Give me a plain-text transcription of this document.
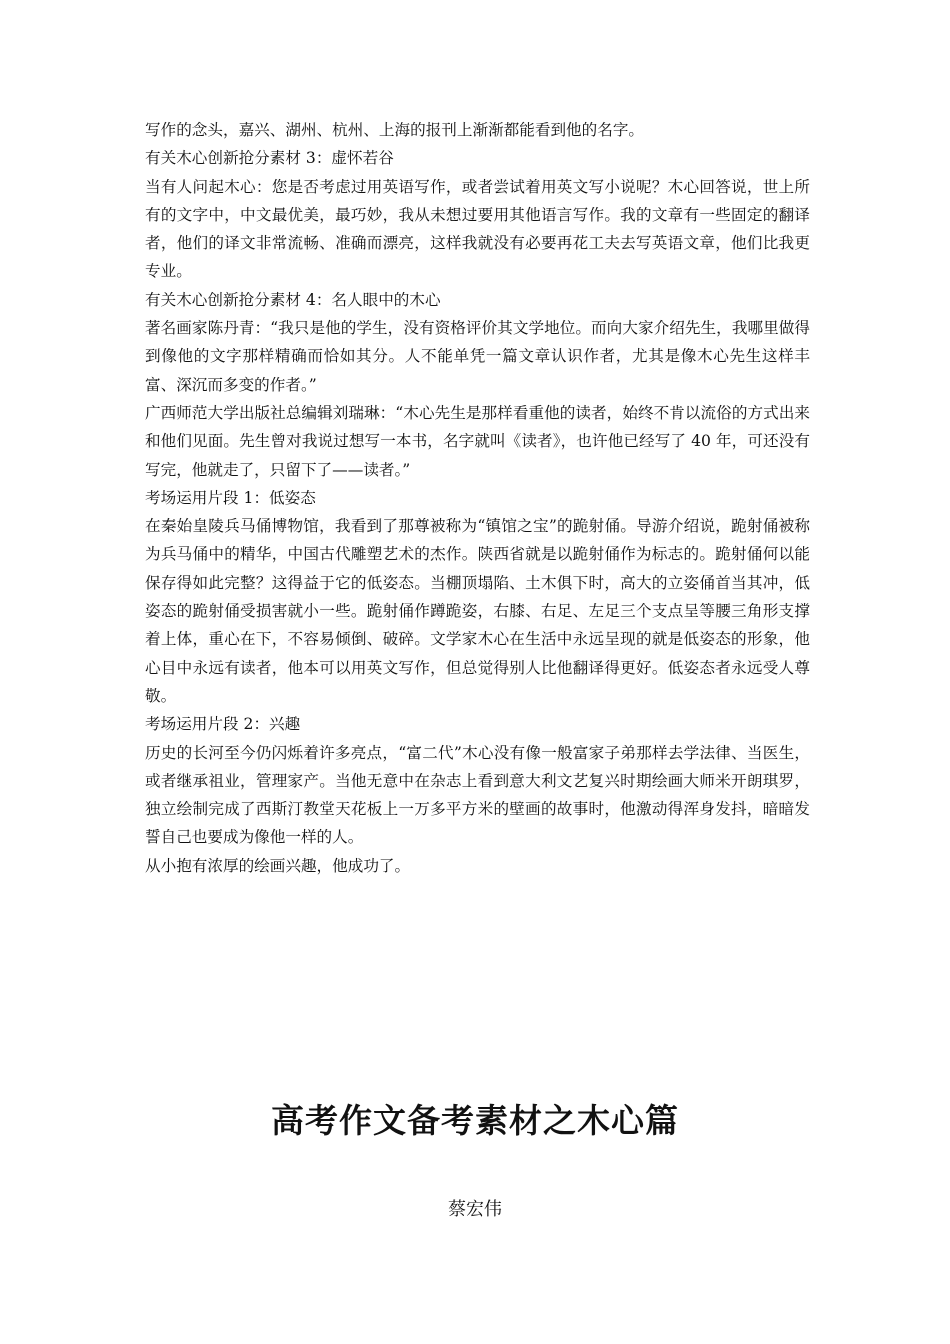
写作的念头，嘉兴、湖州、杭州、上海的报刊上渐渐都能看到他的名字。

有关木心创新抢分素材 3：虚怀若谷

当有人问起木心：您是否考虑过用英语写作，或者尝试着用英文写小说呢？木心回答说，世上所有的文字中，中文最优美，最巧妙，我从未想过要用其他语言写作。我的文章有一些固定的翻译者，他们的译文非常流畅、准确而漂亮，这样我就没有必要再花工夫去写英语文章，他们比我更专业。

有关木心创新抢分素材 4：名人眼中的木心

著名画家陈丹青：“我只是他的学生，没有资格评价其文学地位。而向大家介绍先生，我哪里做得到像他的文字那样精确而恰如其分。人不能单凭一篇文章认识作者，尤其是像木心先生这样丰富、深沉而多变的作者。”

广西师范大学出版社总编辑刘瑞琳：“木心先生是那样看重他的读者，始终不肯以流俗的方式出来和他们见面。先生曾对我说过想写一本书，名字就叫《读者》，也许他已经写了 40 年，可还没有写完，他就走了，只留下了——读者。”

考场运用片段 1：低姿态

在秦始皇陵兵马俑博物馆，我看到了那尊被称为“镇馆之宝”的跪射俑。导游介绍说，跪射俑被称为兵马俑中的精华，中国古代雕塑艺术的杰作。陕西省就是以跪射俑作为标志的。跪射俑何以能保存得如此完整？这得益于它的低姿态。当棚顶塌陷、土木俱下时，高大的立姿俑首当其冲，低姿态的跪射俑受损害就小一些。跪射俑作蹲跪姿，右膝、右足、左足三个支点呈等腰三角形支撑着上体，重心在下，不容易倾倒、破碎。文学家木心在生活中永远呈现的就是低姿态的形象，他心目中永远有读者，他本可以用英文写作，但总觉得别人比他翻译得更好。低姿态者永远受人尊敬。

考场运用片段 2：兴趣

历史的长河至今仍闪烁着许多亮点，“富二代”木心没有像一般富家子弟那样去学法律、当医生，或者继承祖业，管理家产。当他无意中在杂志上看到意大利文艺复兴时期绘画大师米开朗琪罗，独立绘制完成了西斯汀教堂天花板上一万多平方米的壁画的故事时，他激动得浑身发抖，暗暗发誓自己也要成为像他一样的人。

从小抱有浓厚的绘画兴趣，他成功了。

高考作文备考素材之木心篇
蔡宏伟
